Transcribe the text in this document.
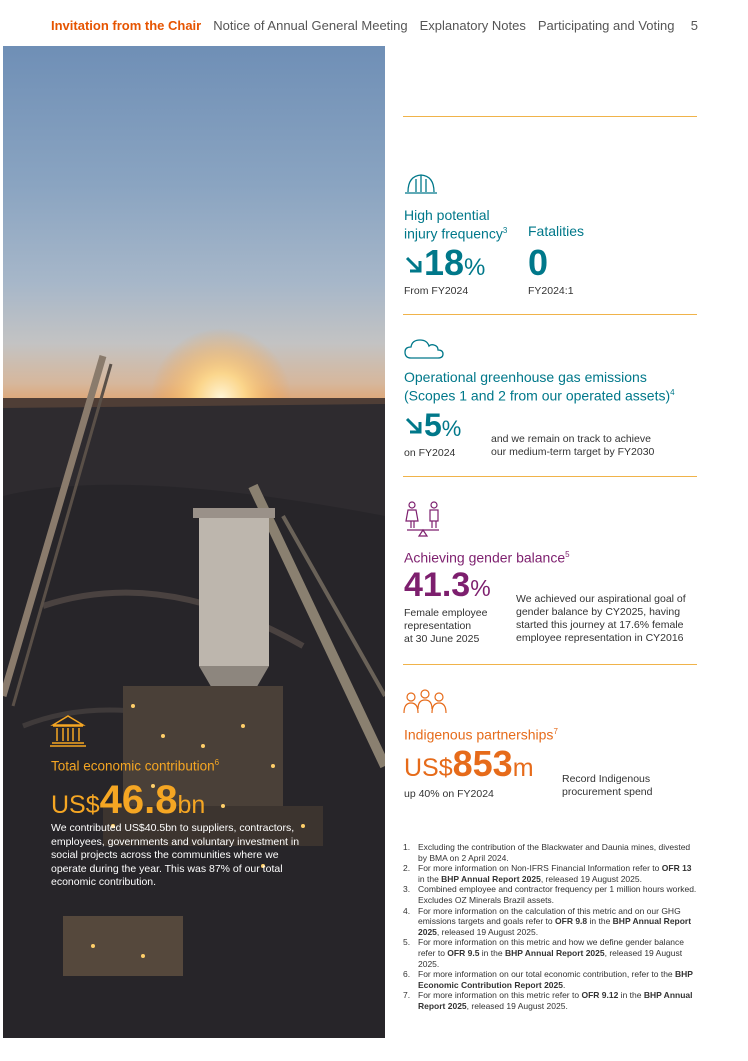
Invitation from the Chair Notice of Annual General Meeting Explanatory Notes Participating and Voting 5
Total economic contribution$^6$
US$46.8bn
We contributed US$40.5bn to suppliers, contractors, employees, governments and voluntary investment in social projects across the communities where we operate during the year. This was 87% of our total economic contribution.
High potential
injury frequency$^3$
18%
From FY2024
Fatalities
0
FY2024:1
Operational greenhouse gas emissions
(Scopes 1 and 2 from our operated assets)$^4$
5%
on FY2024
and we remain on track to achieve
our medium-term target by FY2030
Achieving gender balance$^5$
41.3%
Female employee
representation
at 30 June 2025
We achieved our aspirational goal of
gender balance by CY2025, having
started this journey at 17.6% female
employee representation in CY2016
Indigenous partnerships$^7$
US$853m
up 40% on FY2024
Record Indigenous
procurement spend
1. Excluding the contribution of the Blackwater and Daunia mines, divested by BMA on 2 April 2024.
2. For more information on Non-IFRS Financial Information refer to OFR 13 in the BHP Annual Report 2025, released 19 August 2025.
3. Combined employee and contractor frequency per 1 million hours worked. Excludes OZ Minerals Brazil assets.
4. For more information on the calculation of this metric and on our GHG emissions targets and goals refer to OFR 9.8 in the BHP Annual Report 2025, released 19 August 2025.
5. For more information on this metric and how we define gender balance refer to OFR 9.5 in the BHP Annual Report 2025, released 19 August 2025.
6. For more information on our total economic contribution, refer to the BHP Economic Contribution Report 2025.
7. For more information on this metric refer to OFR 9.12 in the BHP Annual Report 2025, released 19 August 2025.
